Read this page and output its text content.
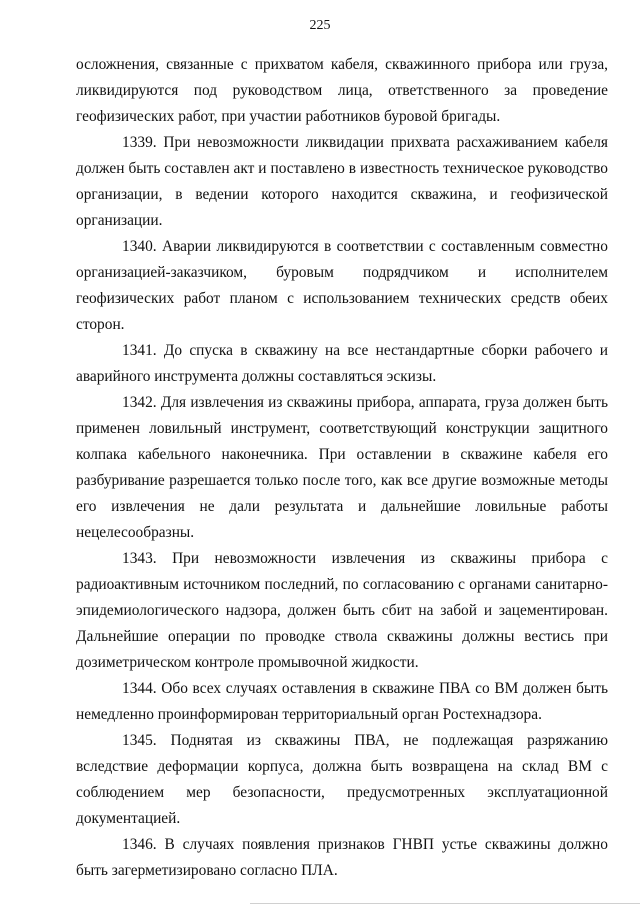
225

осложнения, связанные с прихватом кабеля, скважинного прибора или груза, ликвидируются под руководством лица, ответственного за проведение геофизических работ, при участии работников буровой бригады.

1339. При невозможности ликвидации прихвата расхаживанием кабеля должен быть составлен акт и поставлено в известность техническое руководство организации, в ведении которого находится скважина, и геофизической организации.

1340. Аварии ликвидируются в соответствии с составленным совместно организацией-заказчиком, буровым подрядчиком и исполнителем геофизических работ планом с использованием технических средств обеих сторон.

1341. До спуска в скважину на все нестандартные сборки рабочего и аварийного инструмента должны составляться эскизы.

1342. Для извлечения из скважины прибора, аппарата, груза должен быть применен ловильный инструмент, соответствующий конструкции защитного колпака кабельного наконечника. При оставлении в скважине кабеля его разбуривание разрешается только после того, как все другие возможные методы его извлечения не дали результата и дальнейшие ловильные работы нецелесообразны.

1343. При невозможности извлечения из скважины прибора с радиоактивным источником последний, по согласованию с органами санитарно-эпидемиологического надзора, должен быть сбит на забой и зацементирован. Дальнейшие операции по проводке ствола скважины должны вестись при дозиметрическом контроле промывочной жидкости.

1344. Обо всех случаях оставления в скважине ПВА со ВМ должен быть немедленно проинформирован территориальный орган Ростехнадзора.

1345. Поднятая из скважины ПВА, не подлежащая разряжанию вследствие деформации корпуса, должна быть возвращена на склад ВМ с соблюдением мер безопасности, предусмотренных эксплуатационной документацией.

1346. В случаях появления признаков ГНВП устье скважины должно быть загерметизировано согласно ПЛА.
